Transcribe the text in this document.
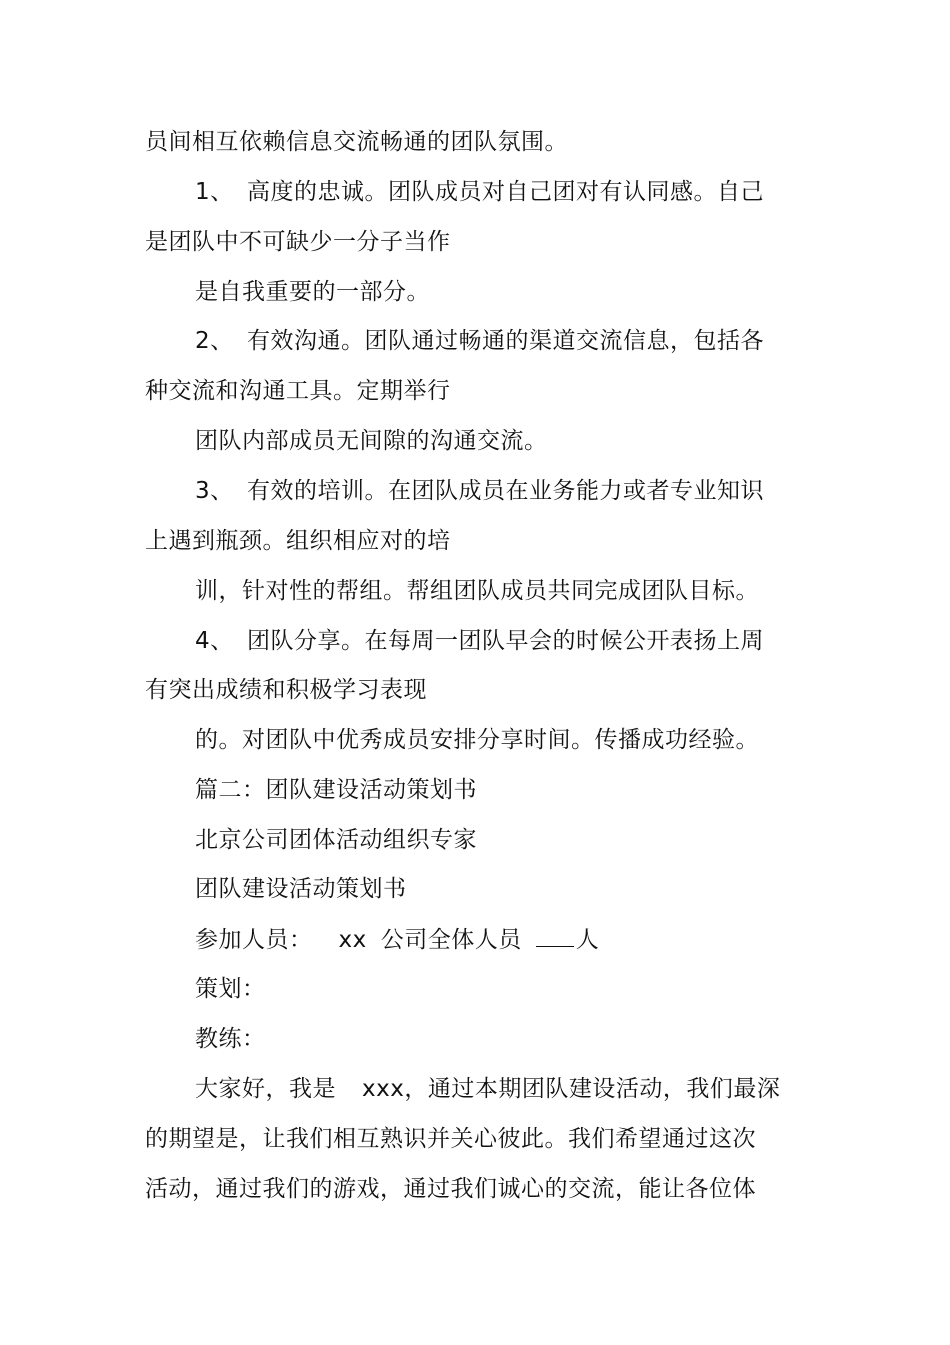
员间相互依赖信息交流畅通的团队氛围。
1、 高度的忠诚。团队成员对自己团对有认同感。自己
是团队中不可缺少一分子当作
是自我重要的一部分。
2、 有效沟通。团队通过畅通的渠道交流信息，包括各
种交流和沟通工具。定期举行
团队内部成员无间隙的沟通交流。
3、 有效的培训。在团队成员在业务能力或者专业知识
上遇到瓶颈。组织相应对的培
训，针对性的帮组。帮组团队成员共同完成团队目标。
4、 团队分享。在每周一团队早会的时候公开表扬上周
有突出成绩和积极学习表现
的。对团队中优秀成员安排分享时间。传播成功经验。
篇二：团队建设活动策划书
北京公司团体活动组织专家
团队建设活动策划书
参加人员： xx 公司全体人员 人
策划：
教练：
大家好，我是 xxx，通过本期团队建设活动，我们最深
的期望是，让我们相互熟识并关心彼此。我们希望通过这次
活动，通过我们的游戏，通过我们诚心的交流，能让各位体
